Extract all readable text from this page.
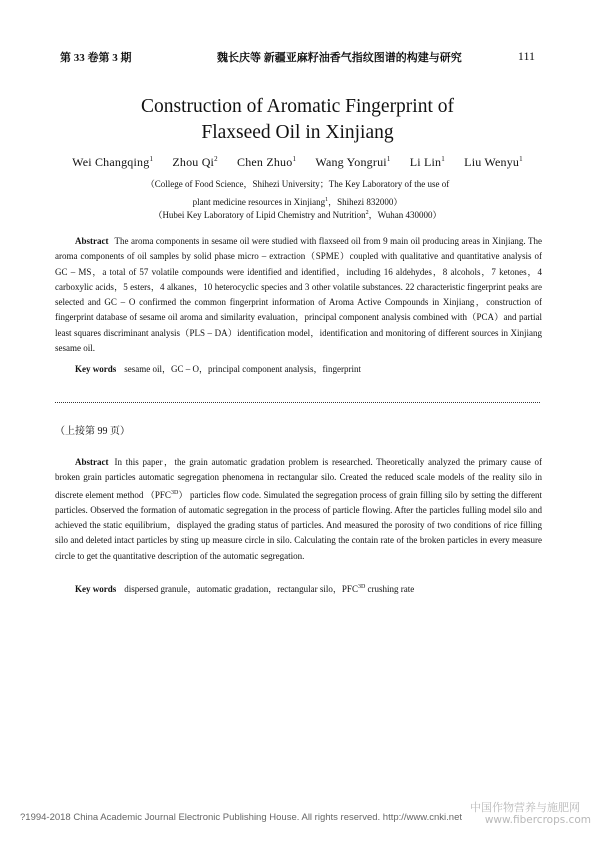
第 33 卷第 3 期	魏长庆等 新疆亚麻籽油香气指纹图谱的构建与研究	111
Construction of Aromatic Fingerprint of
Flaxseed Oil in Xinjiang
Wei Changqing$^1$ Zhou Qi$^2$ Chen Zhuo$^1$ Wang Yongrui$^1$ Li Lin$^1$ Liu Wenyu$^1$
（College of Food Science，Shihezi University；The Key Laboratory of the use of
plant medicine resources in Xinjiang$^1$，Shihezi 832000）
（Hubei Key Laboratory of Lipid Chemistry and Nutrition$^2$，Wuhan 430000）
Abstract The aroma components in sesame oil were studied with flaxseed oil from 9 main oil producing areas in Xinjiang. The aroma components of oil samples by solid phase micro – extraction（SPME）coupled with qualitative and quantitative analysis of GC – MS，a total of 57 volatile compounds were identified and identified，including 16 aldehydes，8 alcohols，7 ketones，4 carboxylic acids，5 esters，4 alkanes，10 heterocyclic species and 3 other volatile substances. 22 characteristic fingerprint peaks are selected and GC – O confirmed the common fingerprint information of Aroma Active Compounds in Xinjiang，construction of fingerprint database of sesame oil aroma and similarity evaluation，principal component analysis combined with（PCA）and partial least squares discriminant analysis（PLS – DA）identification model，identification and monitoring of different sources in Xinjiang sesame oil.
Key words sesame oil，GC – O，principal component analysis，fingerprint
（上接第 99 页）
Abstract In this paper，the grain automatic gradation problem is researched. Theoretically analyzed the primary cause of broken grain particles automatic segregation phenomena in rectangular silo. Created the reduced scale models of the reality silo in discrete element method $(PFC^{3D})$ particles flow code. Simulated the segregation process of grain filling silo by setting the different particles. Observed the formation of automatic segregation in the process of particle flowing. After the particles fulling model silo and achieved the static equilibrium，displayed the grading status of particles. And measured the porosity of two conditions of rice filling silo and deleted intact particles by sting up measure circle in silo. Calculating the contain rate of the broken particles in every measure circle to get the quantitative description of the automatic segregation.
Key words dispersed granule，automatic gradation，rectangular silo，$PFC^{3D}$ crushing rate
?1994-2018 China Academic Journal Electronic Publishing House. All rights reserved. http://www.cnki.net
中国作物营养与施肥网
www.fibercrops.com
